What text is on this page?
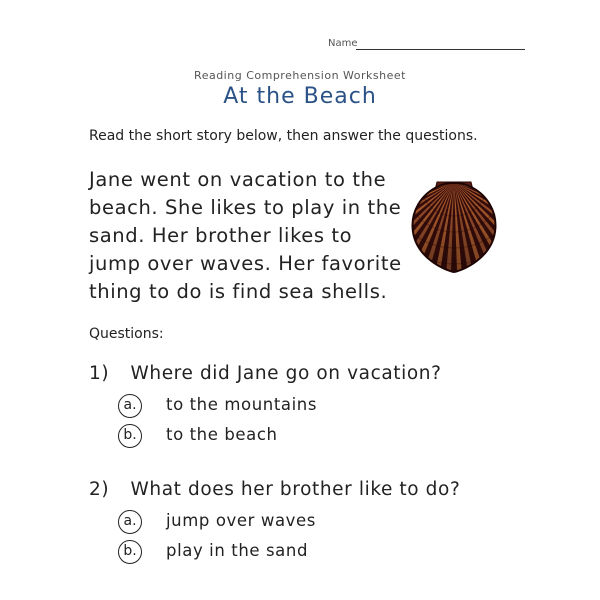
Name
Reading Comprehension Worksheet
At the Beach
Read the short story below, then answer the questions.
Jane went on vacation to the
beach. She likes to play in the
sand. Her brother likes to
jump over waves. Her favorite
thing to do is find sea shells.
Questions:
1) Where did Jane go on vacation?
a.	to the mountains
b.	to the beach
2) What does her brother like to do?
a.	jump over waves
b.	play in the sand
